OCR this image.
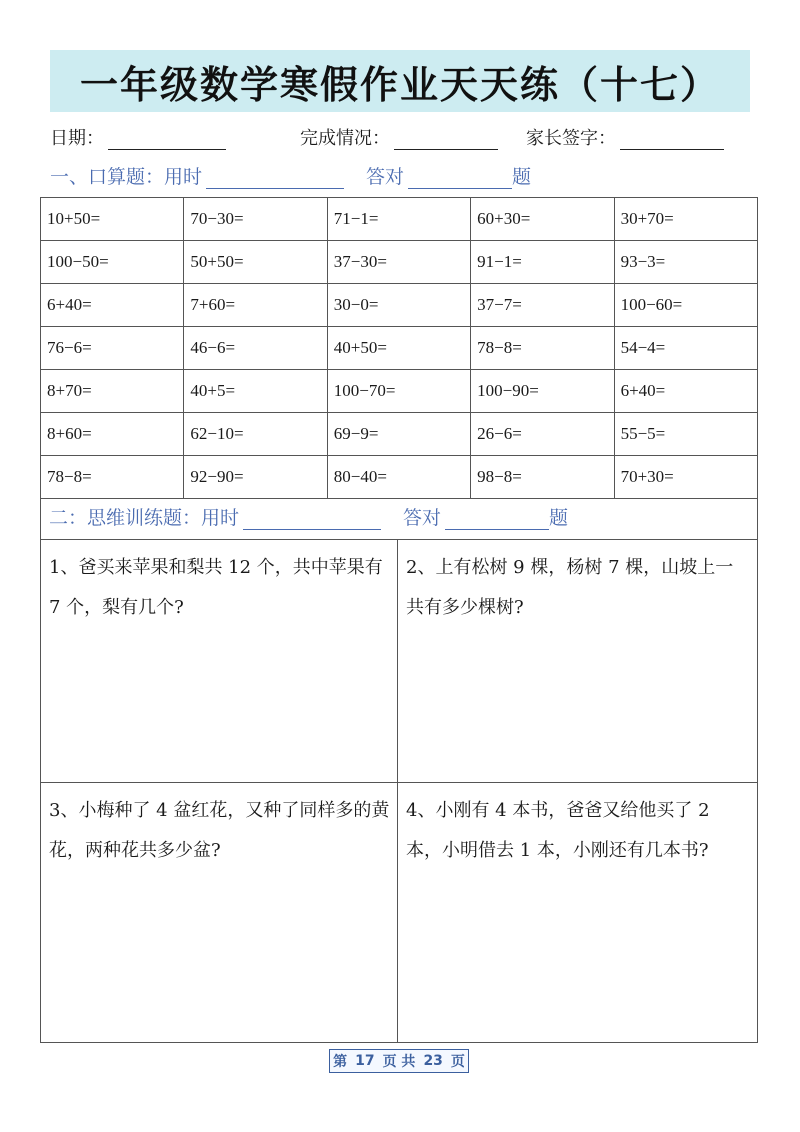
一年级数学寒假作业天天练（十七）
日期：	完成情况：	家长签字：
一、口算题：用时	答对	题
10+50=	70−30=	71−1=	60+30=	30+70=
100−50=	50+50=	37−30=	91−1=	93−3=
6+40=	7+60=	30−0=	37−7=	100−60=
76−6=	46−6=	40+50=	78−8=	54−4=
8+70=	40+5=	100−70=	100−90=	6+40=
8+60=	62−10=	69−9=	26−6=	55−5=
78−8=	92−90=	80−40=	98−8=	70+30=
二：思维训练题：用时	答对	题
1、爸买来苹果和梨共 12 个，共中苹果有 7 个，梨有几个?
2、上有松树 9 棵，杨树 7 棵，山坡上一共有多少棵树?
3、小梅种了 4 盆红花，又种了同样多的黄花，两种花共多少盆?
4、小刚有 4 本书，爸爸又给他买了 2 本，小明借去 1 本，小刚还有几本书?
第 17 页 共 23 页
